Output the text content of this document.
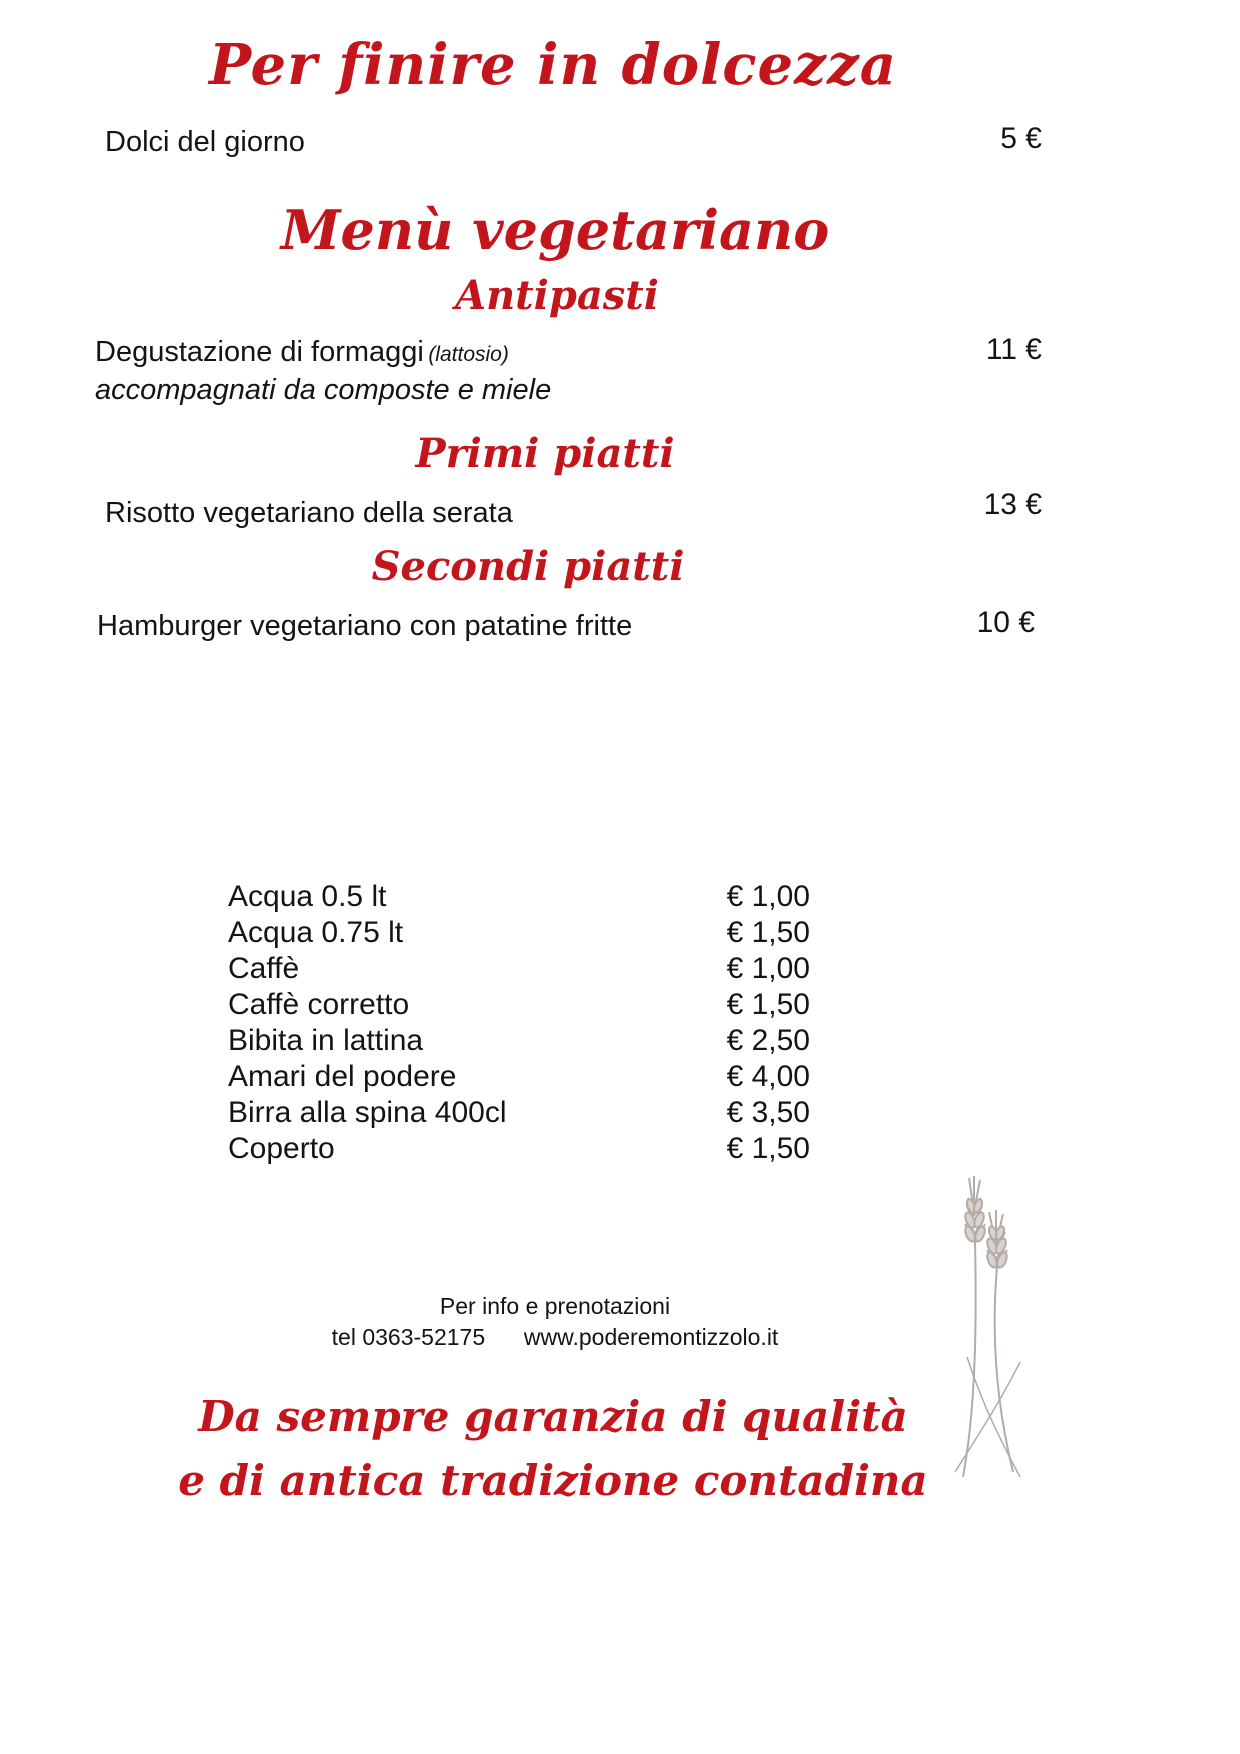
Per finire in dolcezza
Dolci del giorno	5 €
Menù vegetariano
Antipasti
Degustazione di formaggi (lattosio)	11 €
accompagnati da composte e miele
Primi piatti
Risotto vegetariano della serata	13 €
Secondi piatti
Hamburger vegetariano con patatine fritte	10 €
Acqua 0.5 lt	€ 1,00
Acqua 0.75 lt	€ 1,50
Caffè	€ 1,00
Caffè corretto	€ 1,50
Bibita in lattina	€ 2,50
Amari del podere	€ 4,00
Birra alla spina 400cl	€ 3,50
Coperto	€ 1,50
Per info e prenotazioni
tel 0363-52175 www.poderemontizzolo.it
Da sempre garanzia di qualità
e di antica tradizione contadina
